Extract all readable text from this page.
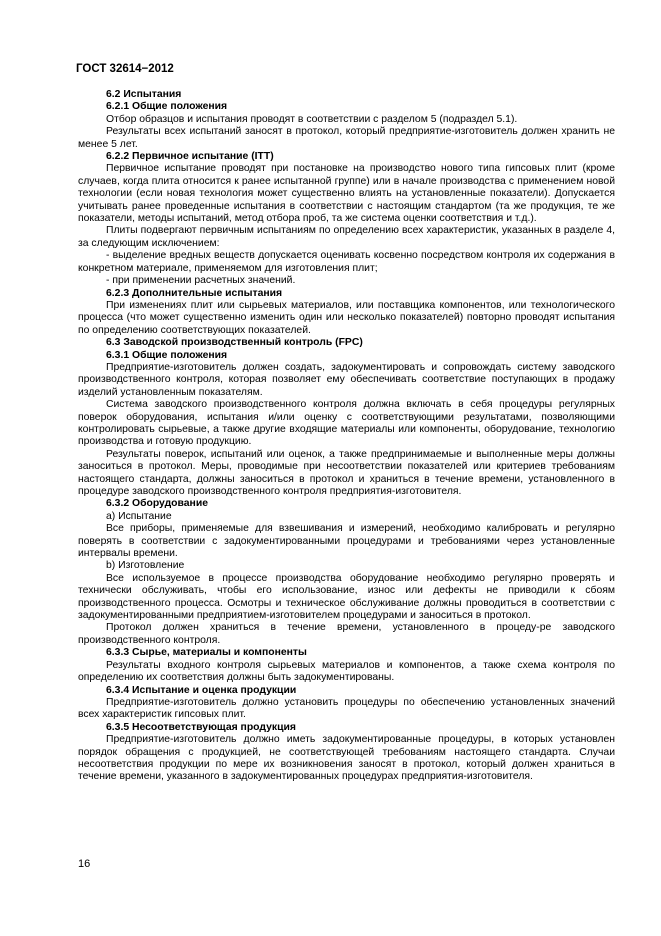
ГОСТ 32614−2012
6.2 Испытания
6.2.1 Общие положения
Отбор образцов и испытания проводят в соответствии с разделом 5 (подраздел 5.1).
Результаты всех испытаний заносят в протокол, который предприятие-изготовитель должен хранить не менее 5 лет.
6.2.2 Первичное испытание (ITT)
Первичное испытание проводят при постановке на производство нового типа гипсовых плит (кроме случаев, когда плита относится к ранее испытанной группе) или в начале производства с применением новой технологии (если новая технология может существенно влиять на установленные показатели). Допускается учитывать ранее проведенные испытания в соответствии с настоящим стандартом (та же продукция, те же показатели, методы испытаний, метод отбора проб, та же система оценки соответствия и т.д.).
Плиты подвергают первичным испытаниям по определению всех характеристик, указанных в разделе 4, за следующим исключением:
- выделение вредных веществ допускается оценивать косвенно посредством контроля их содержания в конкретном материале, применяемом для изготовления плит;
- при применении расчетных значений.
6.2.3 Дополнительные испытания
При изменениях плит или сырьевых материалов, или поставщика компонентов, или технологического процесса (что может существенно изменить один или несколько показателей) повторно проводят испытания по определению соответствующих показателей.
6.3 Заводской производственный контроль (FPC)
6.3.1 Общие положения
Предприятие-изготовитель должен создать, задокументировать и сопровождать систему заводского производственного контроля, которая позволяет ему обеспечивать соответствие поступающих в продажу изделий установленным показателям.
Система заводского производственного контроля должна включать в себя процедуры регулярных поверок оборудования, испытания и/или оценку с соответствующими результатами, позволяющими контролировать сырьевые, а также другие входящие материалы или компоненты, оборудование, технологию производства и готовую продукцию.
Результаты поверок, испытаний или оценок, а также предпринимаемые и выполненные меры должны заноситься в протокол. Меры, проводимые при несоответствии показателей или критериев требованиям настоящего стандарта, должны заноситься в протокол и храниться в течение времени, установленного в процедуре заводского производственного контроля предприятия-изготовителя.
6.3.2 Оборудование
а) Испытание
Все приборы, применяемые для взвешивания и измерений, необходимо калибровать и регулярно поверять в соответствии с задокументированными процедурами и требованиями через установленные интервалы времени.
b) Изготовление
Все используемое в процессе производства оборудование необходимо регулярно проверять и технически обслуживать, чтобы его использование, износ или дефекты не приводили к сбоям производственного процесса. Осмотры и техническое обслуживание должны проводиться в соответствии с задокументированными предприятием-изготовителем процедурами и заноситься в протокол.
Протокол должен храниться в течение времени, установленного в процеду-ре заводского производственного контроля.
6.3.3 Сырье, материалы и компоненты
Результаты входного контроля сырьевых материалов и компонентов, а также схема контроля по определению их соответствия должны быть задокументированы.
6.3.4 Испытание и оценка продукции
Предприятие-изготовитель должно установить процедуры по обеспечению установленных значений всех характеристик гипсовых плит.
6.3.5 Несоответствующая продукция
Предприятие-изготовитель должно иметь задокументированные процедуры, в которых установлен порядок обращения с продукцией, не соответствующей требованиям настоящего стандарта. Случаи несоответствия продукции по мере их возникновения заносят в протокол, который должен храниться в течение времени, указанного в задокументированных процедурах предприятия-изготовителя.
16
